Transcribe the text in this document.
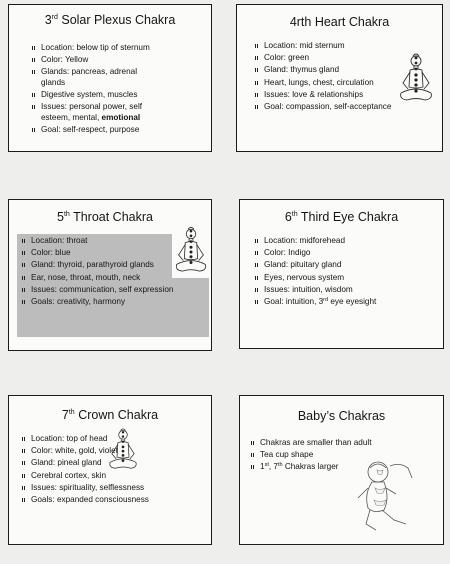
3rd Solar Plexus Chakra
Location: below tip of sternum
Color: Yellow
Glands: pancreas, adrenal glands
Digestive system, muscles
Issues: personal power, self esteem, mental, emotional
Goal: self-respect, purpose
4rth Heart Chakra
Location: mid sternum
Color: green
Gland: thymus gland
Heart, lungs, chest, circulation
Issues: love & relationships
Goal: compassion, self-acceptance
5th Throat Chakra
Location: throat
Color: blue
Gland: thyroid, parathyroid glands
Ear, nose, throat, mouth, neck
Issues: communication, self expression
Goals: creativity, harmony
6th Third Eye Chakra
Location: midforehead
Color: Indigo
Gland: pituitary gland
Eyes, nervous system
Issues: intuition, wisdom
Goal: intuition, 3rd eye eyesight
7th Crown Chakra
Location: top of head
Color: white, gold, violet
Gland: pineal gland
Cerebral cortex, skin
Issues: spirituality, selflessness
Goals: expanded consciousness
Baby’s Chakras
Chakras are smaller than adult
Tea cup shape
1st, 7th Chakras larger
